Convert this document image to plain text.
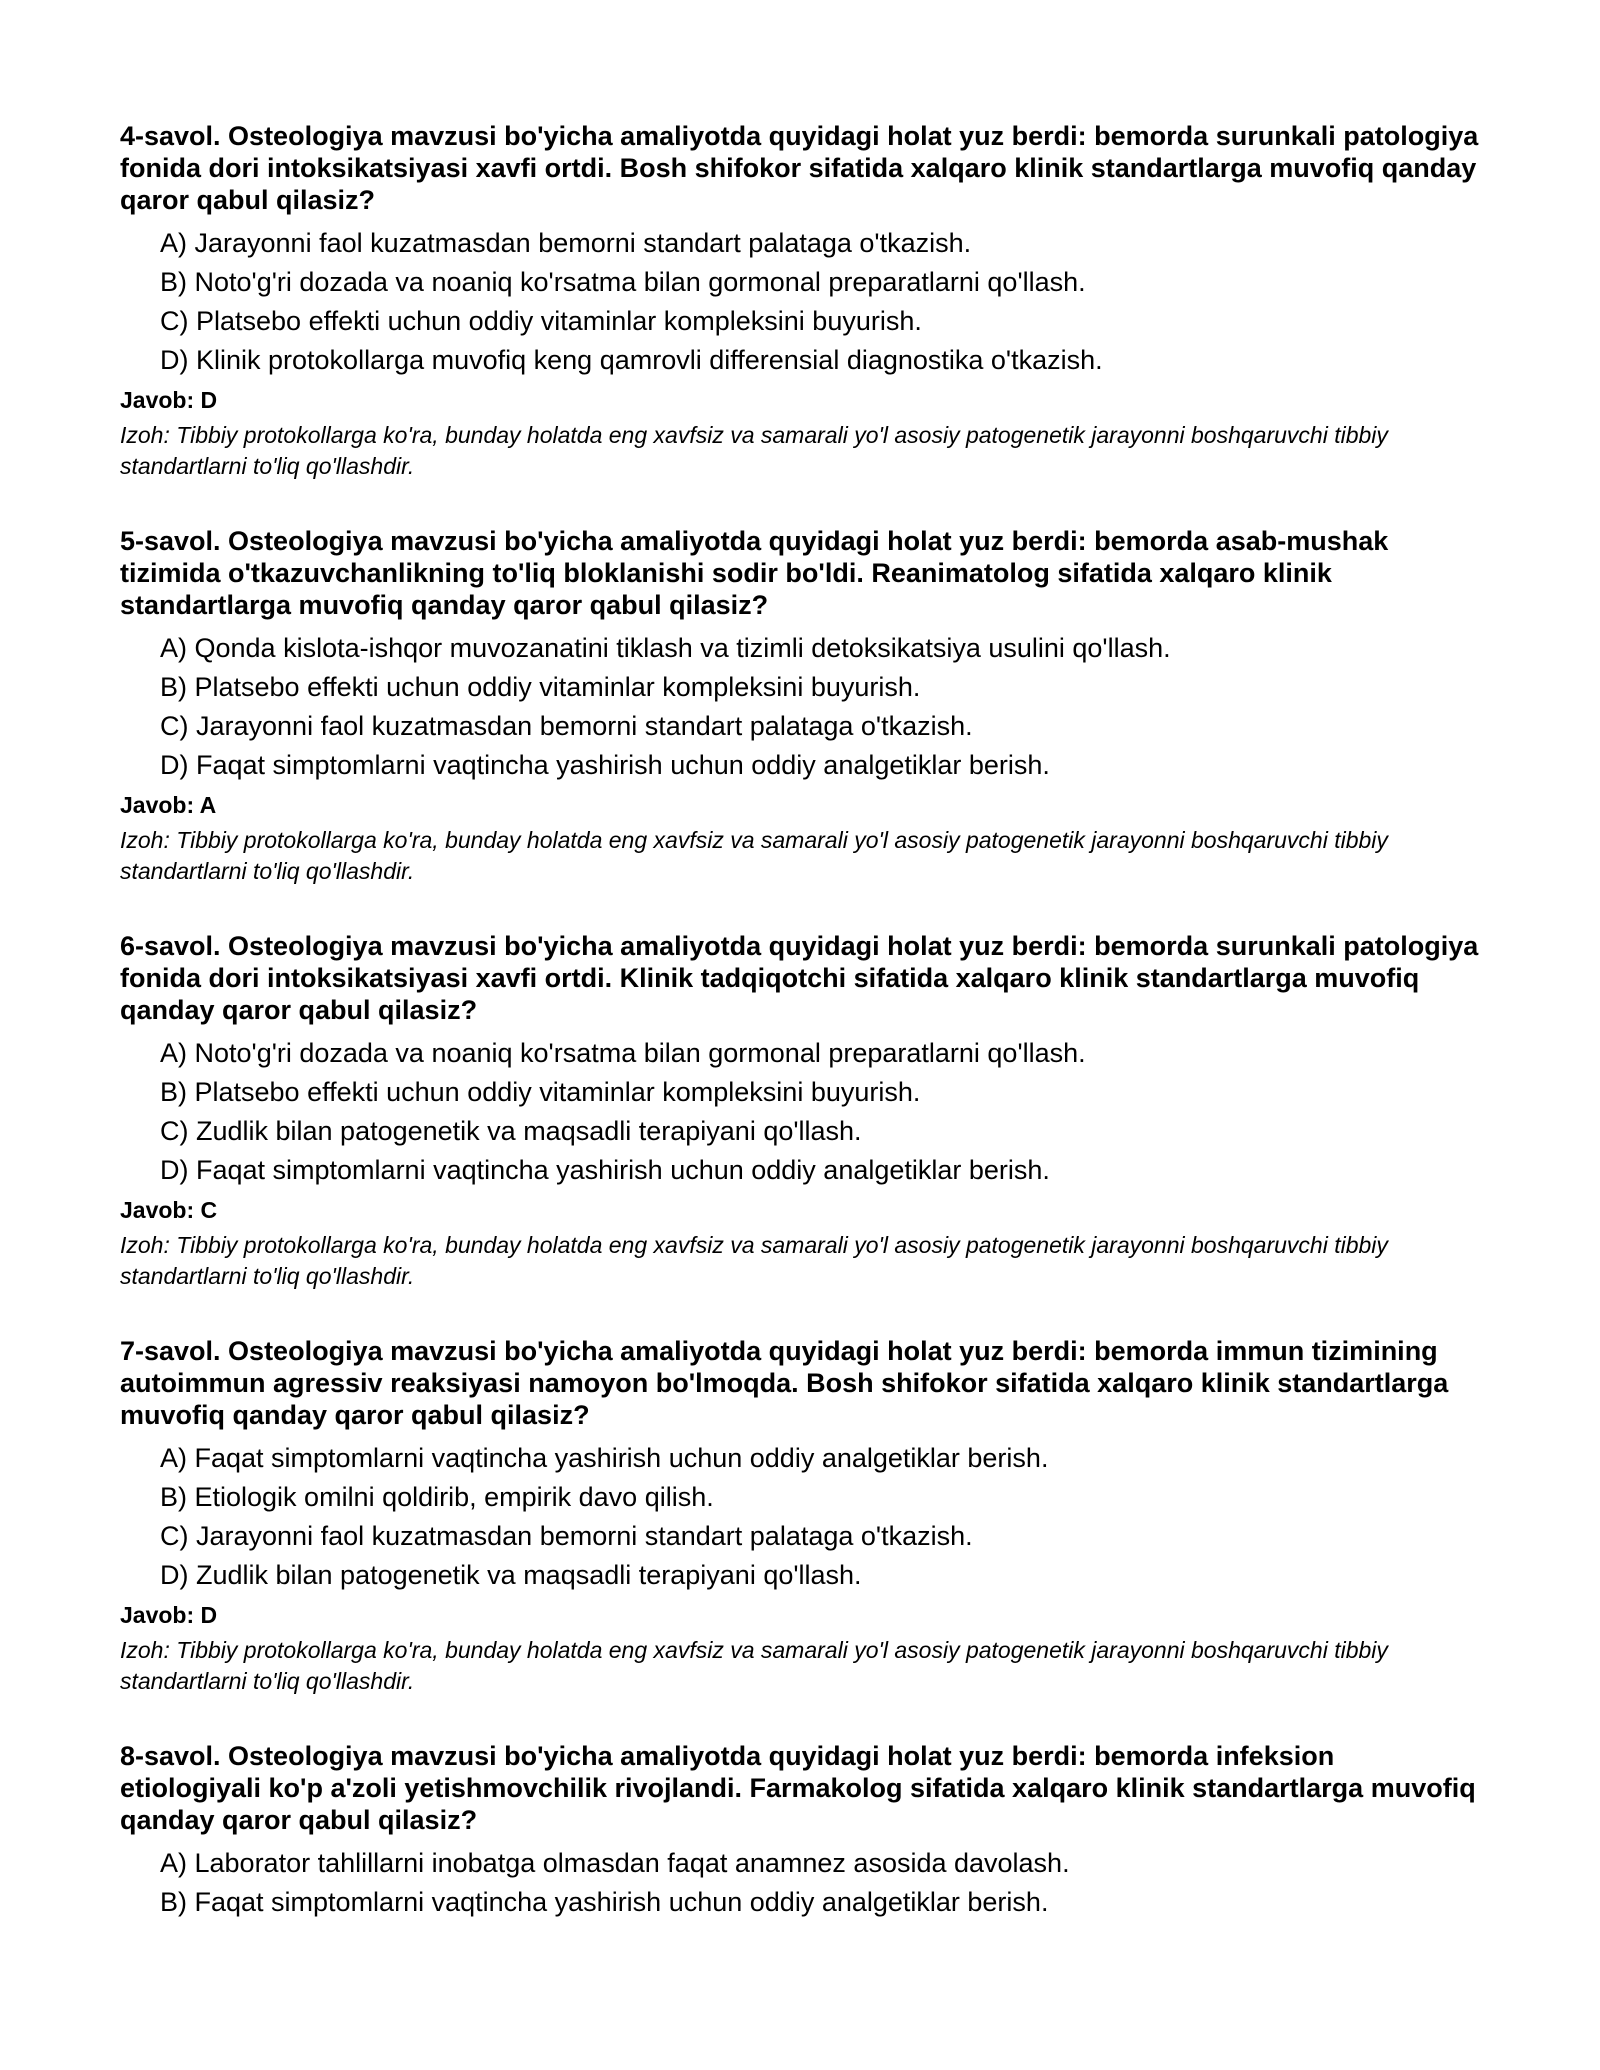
4-savol. Osteologiya mavzusi bo'yicha amaliyotda quyidagi holat yuz berdi: bemorda surunkali patologiya fonida dori intoksikatsiyasi xavfi ortdi. Bosh shifokor sifatida xalqaro klinik standartlarga muvofiq qanday qaror qabul qilasiz?

A) Jarayonni faol kuzatmasdan bemorni standart palataga o'tkazish.

B) Noto'g'ri dozada va noaniq ko'rsatma bilan gormonal preparatlarni qo'llash.

C) Platsebo effekti uchun oddiy vitaminlar kompleksini buyurish.

D) Klinik protokollarga muvofiq keng qamrovli differensial diagnostika o'tkazish.

Javob: D

Izoh: Tibbiy protokollarga ko'ra, bunday holatda eng xavfsiz va samarali yo'l asosiy patogenetik jarayonni boshqaruvchi tibbiy standartlarni to'liq qo'llashdir.

5-savol. Osteologiya mavzusi bo'yicha amaliyotda quyidagi holat yuz berdi: bemorda asab-mushak tizimida o'tkazuvchanlikning to'liq bloklanishi sodir bo'ldi. Reanimatolog sifatida xalqaro klinik standartlarga muvofiq qanday qaror qabul qilasiz?

A) Qonda kislota-ishqor muvozanatini tiklash va tizimli detoksikatsiya usulini qo'llash.

B) Platsebo effekti uchun oddiy vitaminlar kompleksini buyurish.

C) Jarayonni faol kuzatmasdan bemorni standart palataga o'tkazish.

D) Faqat simptomlarni vaqtincha yashirish uchun oddiy analgetiklar berish.

Javob: A

Izoh: Tibbiy protokollarga ko'ra, bunday holatda eng xavfsiz va samarali yo'l asosiy patogenetik jarayonni boshqaruvchi tibbiy standartlarni to'liq qo'llashdir.

6-savol. Osteologiya mavzusi bo'yicha amaliyotda quyidagi holat yuz berdi: bemorda surunkali patologiya fonida dori intoksikatsiyasi xavfi ortdi. Klinik tadqiqotchi sifatida xalqaro klinik standartlarga muvofiq qanday qaror qabul qilasiz?

A) Noto'g'ri dozada va noaniq ko'rsatma bilan gormonal preparatlarni qo'llash.

B) Platsebo effekti uchun oddiy vitaminlar kompleksini buyurish.

C) Zudlik bilan patogenetik va maqsadli terapiyani qo'llash.

D) Faqat simptomlarni vaqtincha yashirish uchun oddiy analgetiklar berish.

Javob: C

Izoh: Tibbiy protokollarga ko'ra, bunday holatda eng xavfsiz va samarali yo'l asosiy patogenetik jarayonni boshqaruvchi tibbiy standartlarni to'liq qo'llashdir.

7-savol. Osteologiya mavzusi bo'yicha amaliyotda quyidagi holat yuz berdi: bemorda immun tizimining autoimmun agressiv reaksiyasi namoyon bo'lmoqda. Bosh shifokor sifatida xalqaro klinik standartlarga muvofiq qanday qaror qabul qilasiz?

A) Faqat simptomlarni vaqtincha yashirish uchun oddiy analgetiklar berish.

B) Etiologik omilni qoldirib, empirik davo qilish.

C) Jarayonni faol kuzatmasdan bemorni standart palataga o'tkazish.

D) Zudlik bilan patogenetik va maqsadli terapiyani qo'llash.

Javob: D

Izoh: Tibbiy protokollarga ko'ra, bunday holatda eng xavfsiz va samarali yo'l asosiy patogenetik jarayonni boshqaruvchi tibbiy standartlarni to'liq qo'llashdir.

8-savol. Osteologiya mavzusi bo'yicha amaliyotda quyidagi holat yuz berdi: bemorda infeksion etiologiyali ko'p a'zoli yetishmovchilik rivojlandi. Farmakolog sifatida xalqaro klinik standartlarga muvofiq qanday qaror qabul qilasiz?

A) Laborator tahlillarni inobatga olmasdan faqat anamnez asosida davolash.

B) Faqat simptomlarni vaqtincha yashirish uchun oddiy analgetiklar berish.
